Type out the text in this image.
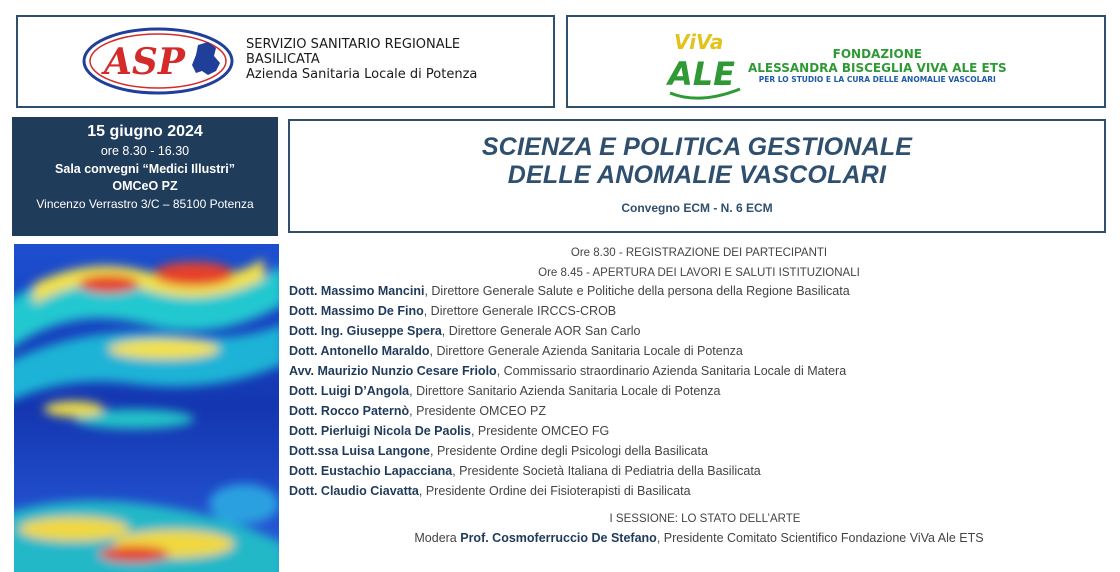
ASP	SERVIZIO SANITARIO REGIONALE
BASILICATA
Azienda Sanitaria Locale di Potenza
ViVa
ALE
FONDAZIONE
ALESSANDRA BISCEGLIA VIVA ALE ETS
PER LO STUDIO E LA CURA DELLE ANOMALIE VASCOLARI
15 giugno 2024
ore 8.30 - 16.30
Sala convegni “Medici Illustri”
OMCeO PZ
Vincenzo Verrastro 3/C – 85100 Potenza
SCIENZA E POLITICA GESTIONALE
DELLE ANOMALIE VASCOLARI
Convegno ECM - N. 6 ECM
Ore 8.30 - REGISTRAZIONE DEI PARTECIPANTI
Ore 8.45 - APERTURA DEI LAVORI E SALUTI ISTITUZIONALI
Dott. Massimo Mancini, Direttore Generale Salute e Politiche della persona della Regione Basilicata
Dott. Massimo De Fino, Direttore Generale IRCCS-CROB
Dott. Ing. Giuseppe Spera, Direttore Generale AOR San Carlo
Dott. Antonello Maraldo, Direttore Generale Azienda Sanitaria Locale di Potenza
Avv. Maurizio Nunzio Cesare Friolo, Commissario straordinario Azienda Sanitaria Locale di Matera
Dott. Luigi D’Angola, Direttore Sanitario Azienda Sanitaria Locale di Potenza
Dott. Rocco Paternò, Presidente OMCEO PZ
Dott. Pierluigi Nicola De Paolis, Presidente OMCEO FG
Dott.ssa Luisa Langone, Presidente Ordine degli Psicologi della Basilicata
Dott. Eustachio Lapacciana, Presidente Società Italiana di Pediatria della Basilicata
Dott. Claudio Ciavatta, Presidente Ordine dei Fisioterapisti di Basilicata
I SESSIONE: LO STATO DELL’ARTE
Modera Prof. Cosmoferruccio De Stefano, Presidente Comitato Scientifico Fondazione ViVa Ale ETS
